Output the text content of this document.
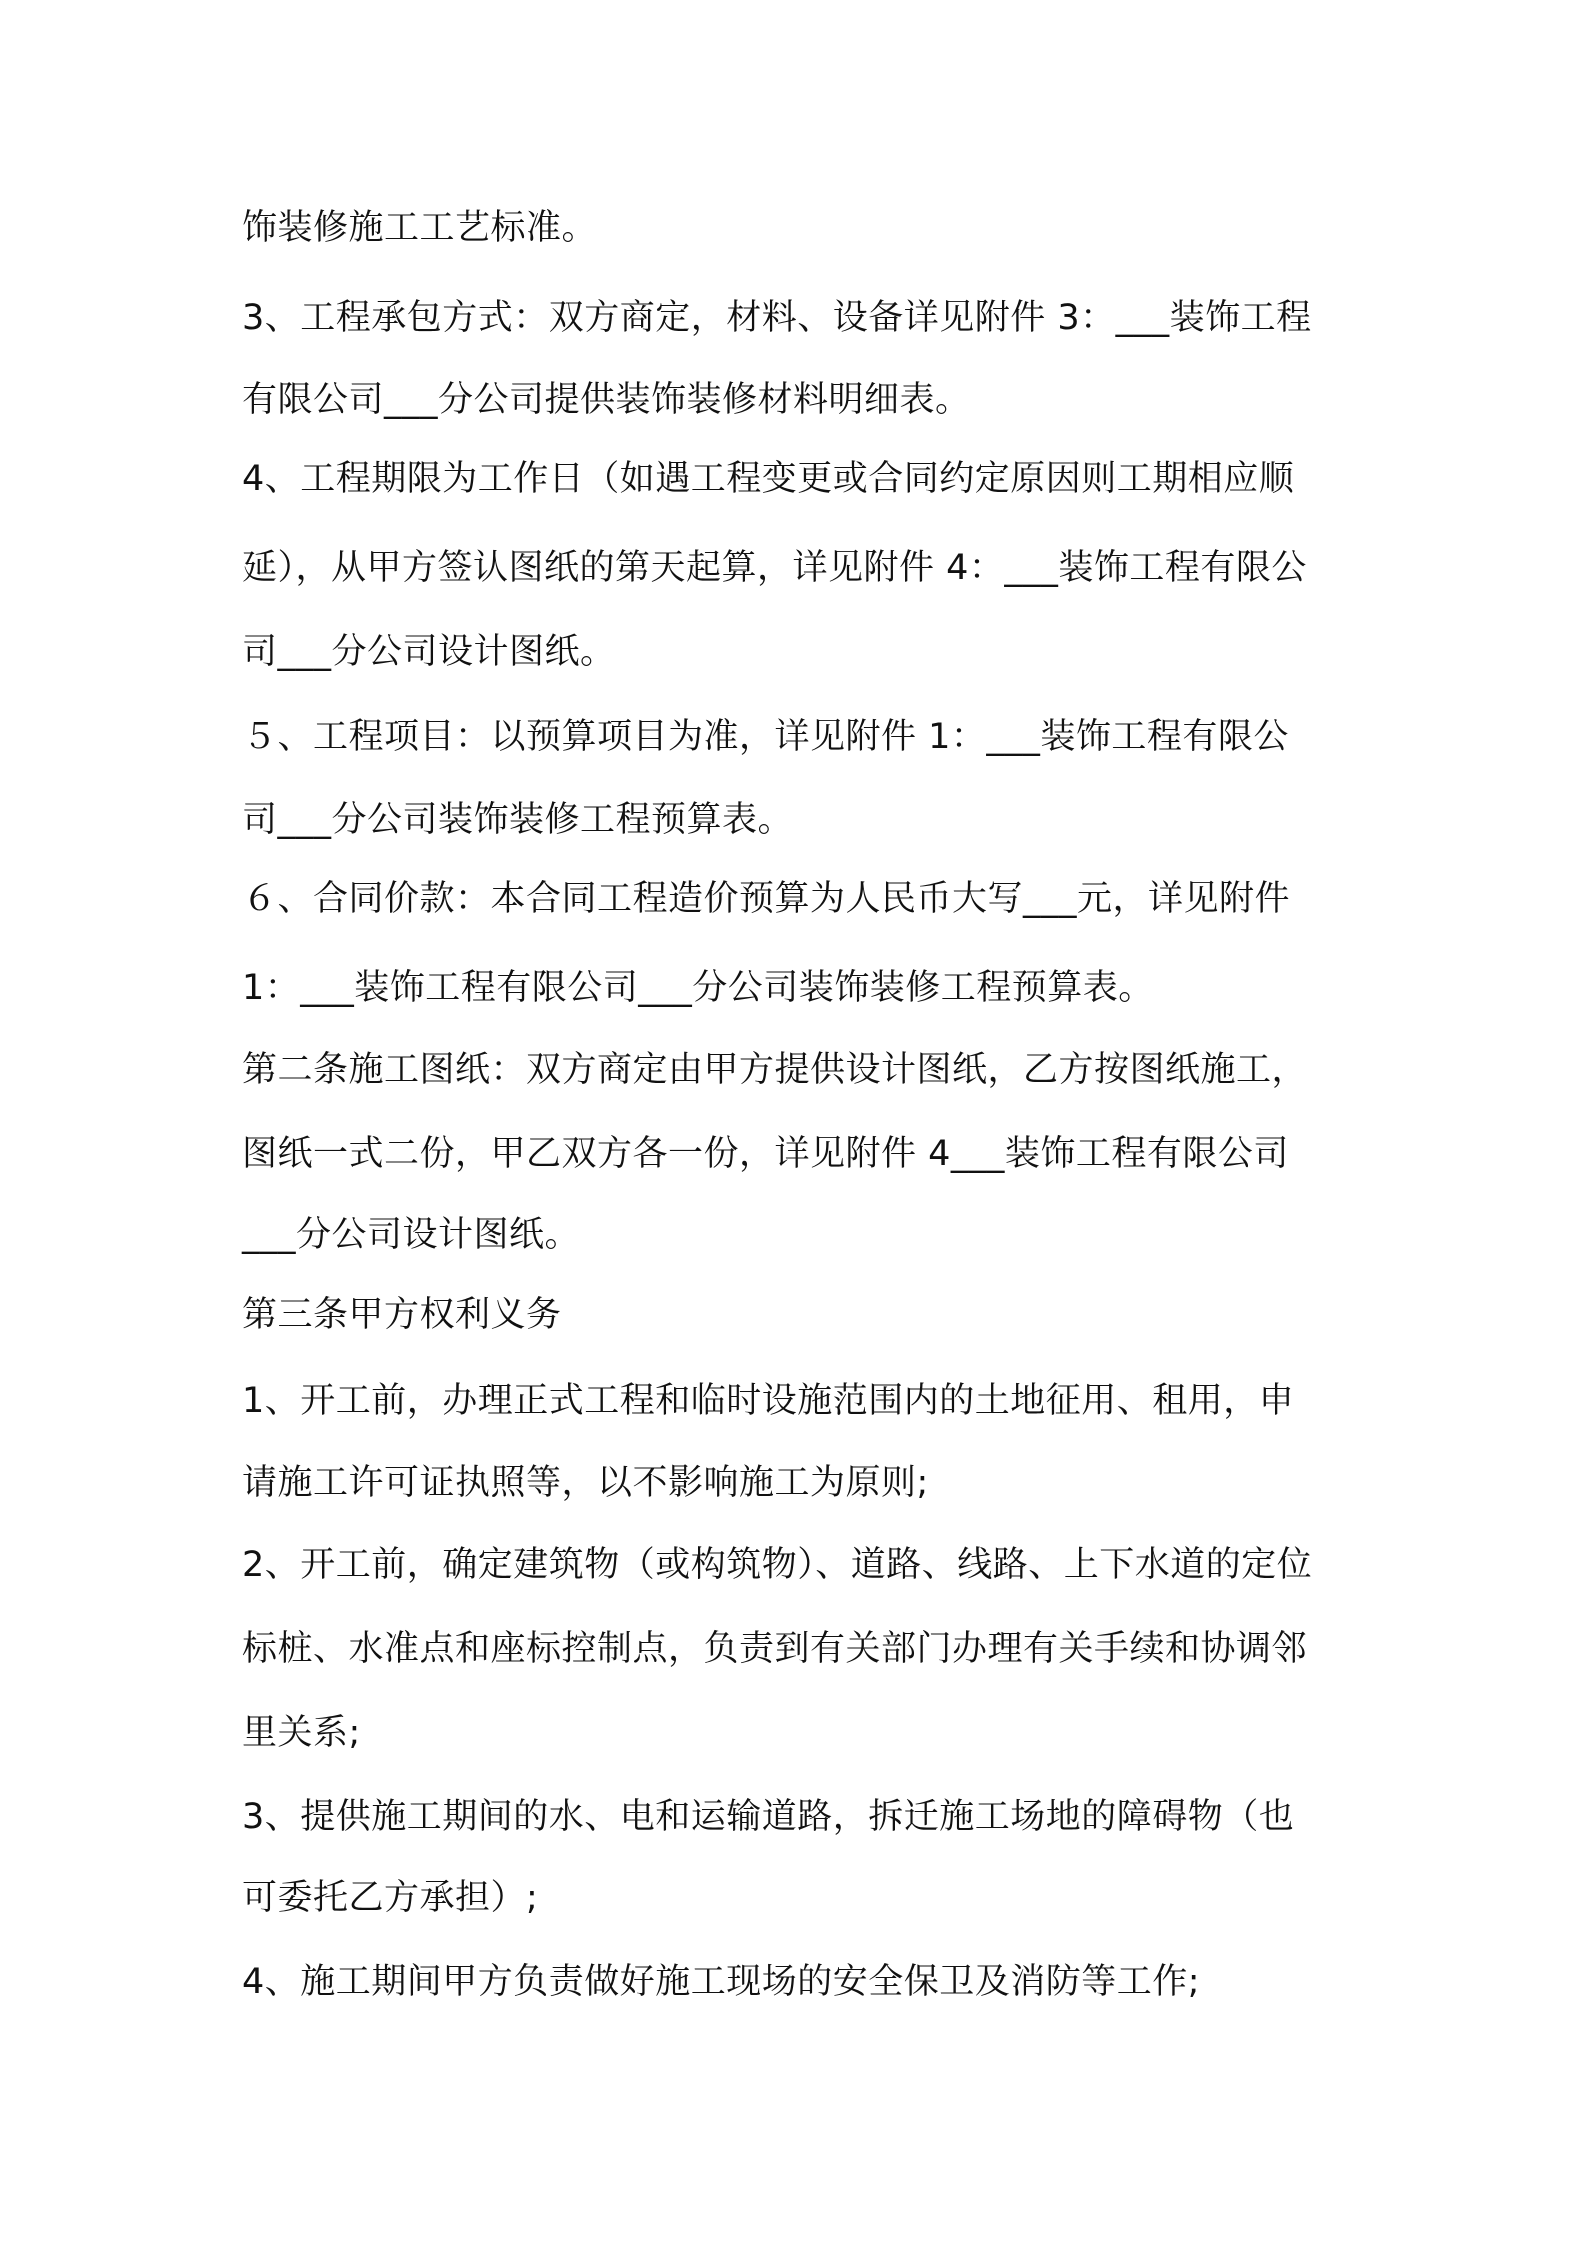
饰装修施工工艺标准。
3、工程承包方式：双方商定，材料、设备详见附件 3：___装饰工程
有限公司___分公司提供装饰装修材料明细表。
4、工程期限为工作日（如遇工程变更或合同约定原因则工期相应顺
延），从甲方签认图纸的第天起算，详见附件 4：___装饰工程有限公
司___分公司设计图纸。
５、工程项目：以预算项目为准，详见附件 1：___装饰工程有限公
司___分公司装饰装修工程预算表。
６、合同价款：本合同工程造价预算为人民币大写___元，详见附件
1：___装饰工程有限公司___分公司装饰装修工程预算表。
第二条施工图纸：双方商定由甲方提供设计图纸，乙方按图纸施工，
图纸一式二份，甲乙双方各一份，详见附件 4___装饰工程有限公司
___分公司设计图纸。
第三条甲方权利义务
1、开工前，办理正式工程和临时设施范围内的土地征用、租用，申
请施工许可证执照等，以不影响施工为原则;
2、开工前，确定建筑物（或构筑物）、道路、线路、上下水道的定位
标桩、水准点和座标控制点，负责到有关部门办理有关手续和协调邻
里关系;
3、提供施工期间的水、电和运输道路，拆迁施工场地的障碍物（也
可委托乙方承担）;
4、施工期间甲方负责做好施工现场的安全保卫及消防等工作;
